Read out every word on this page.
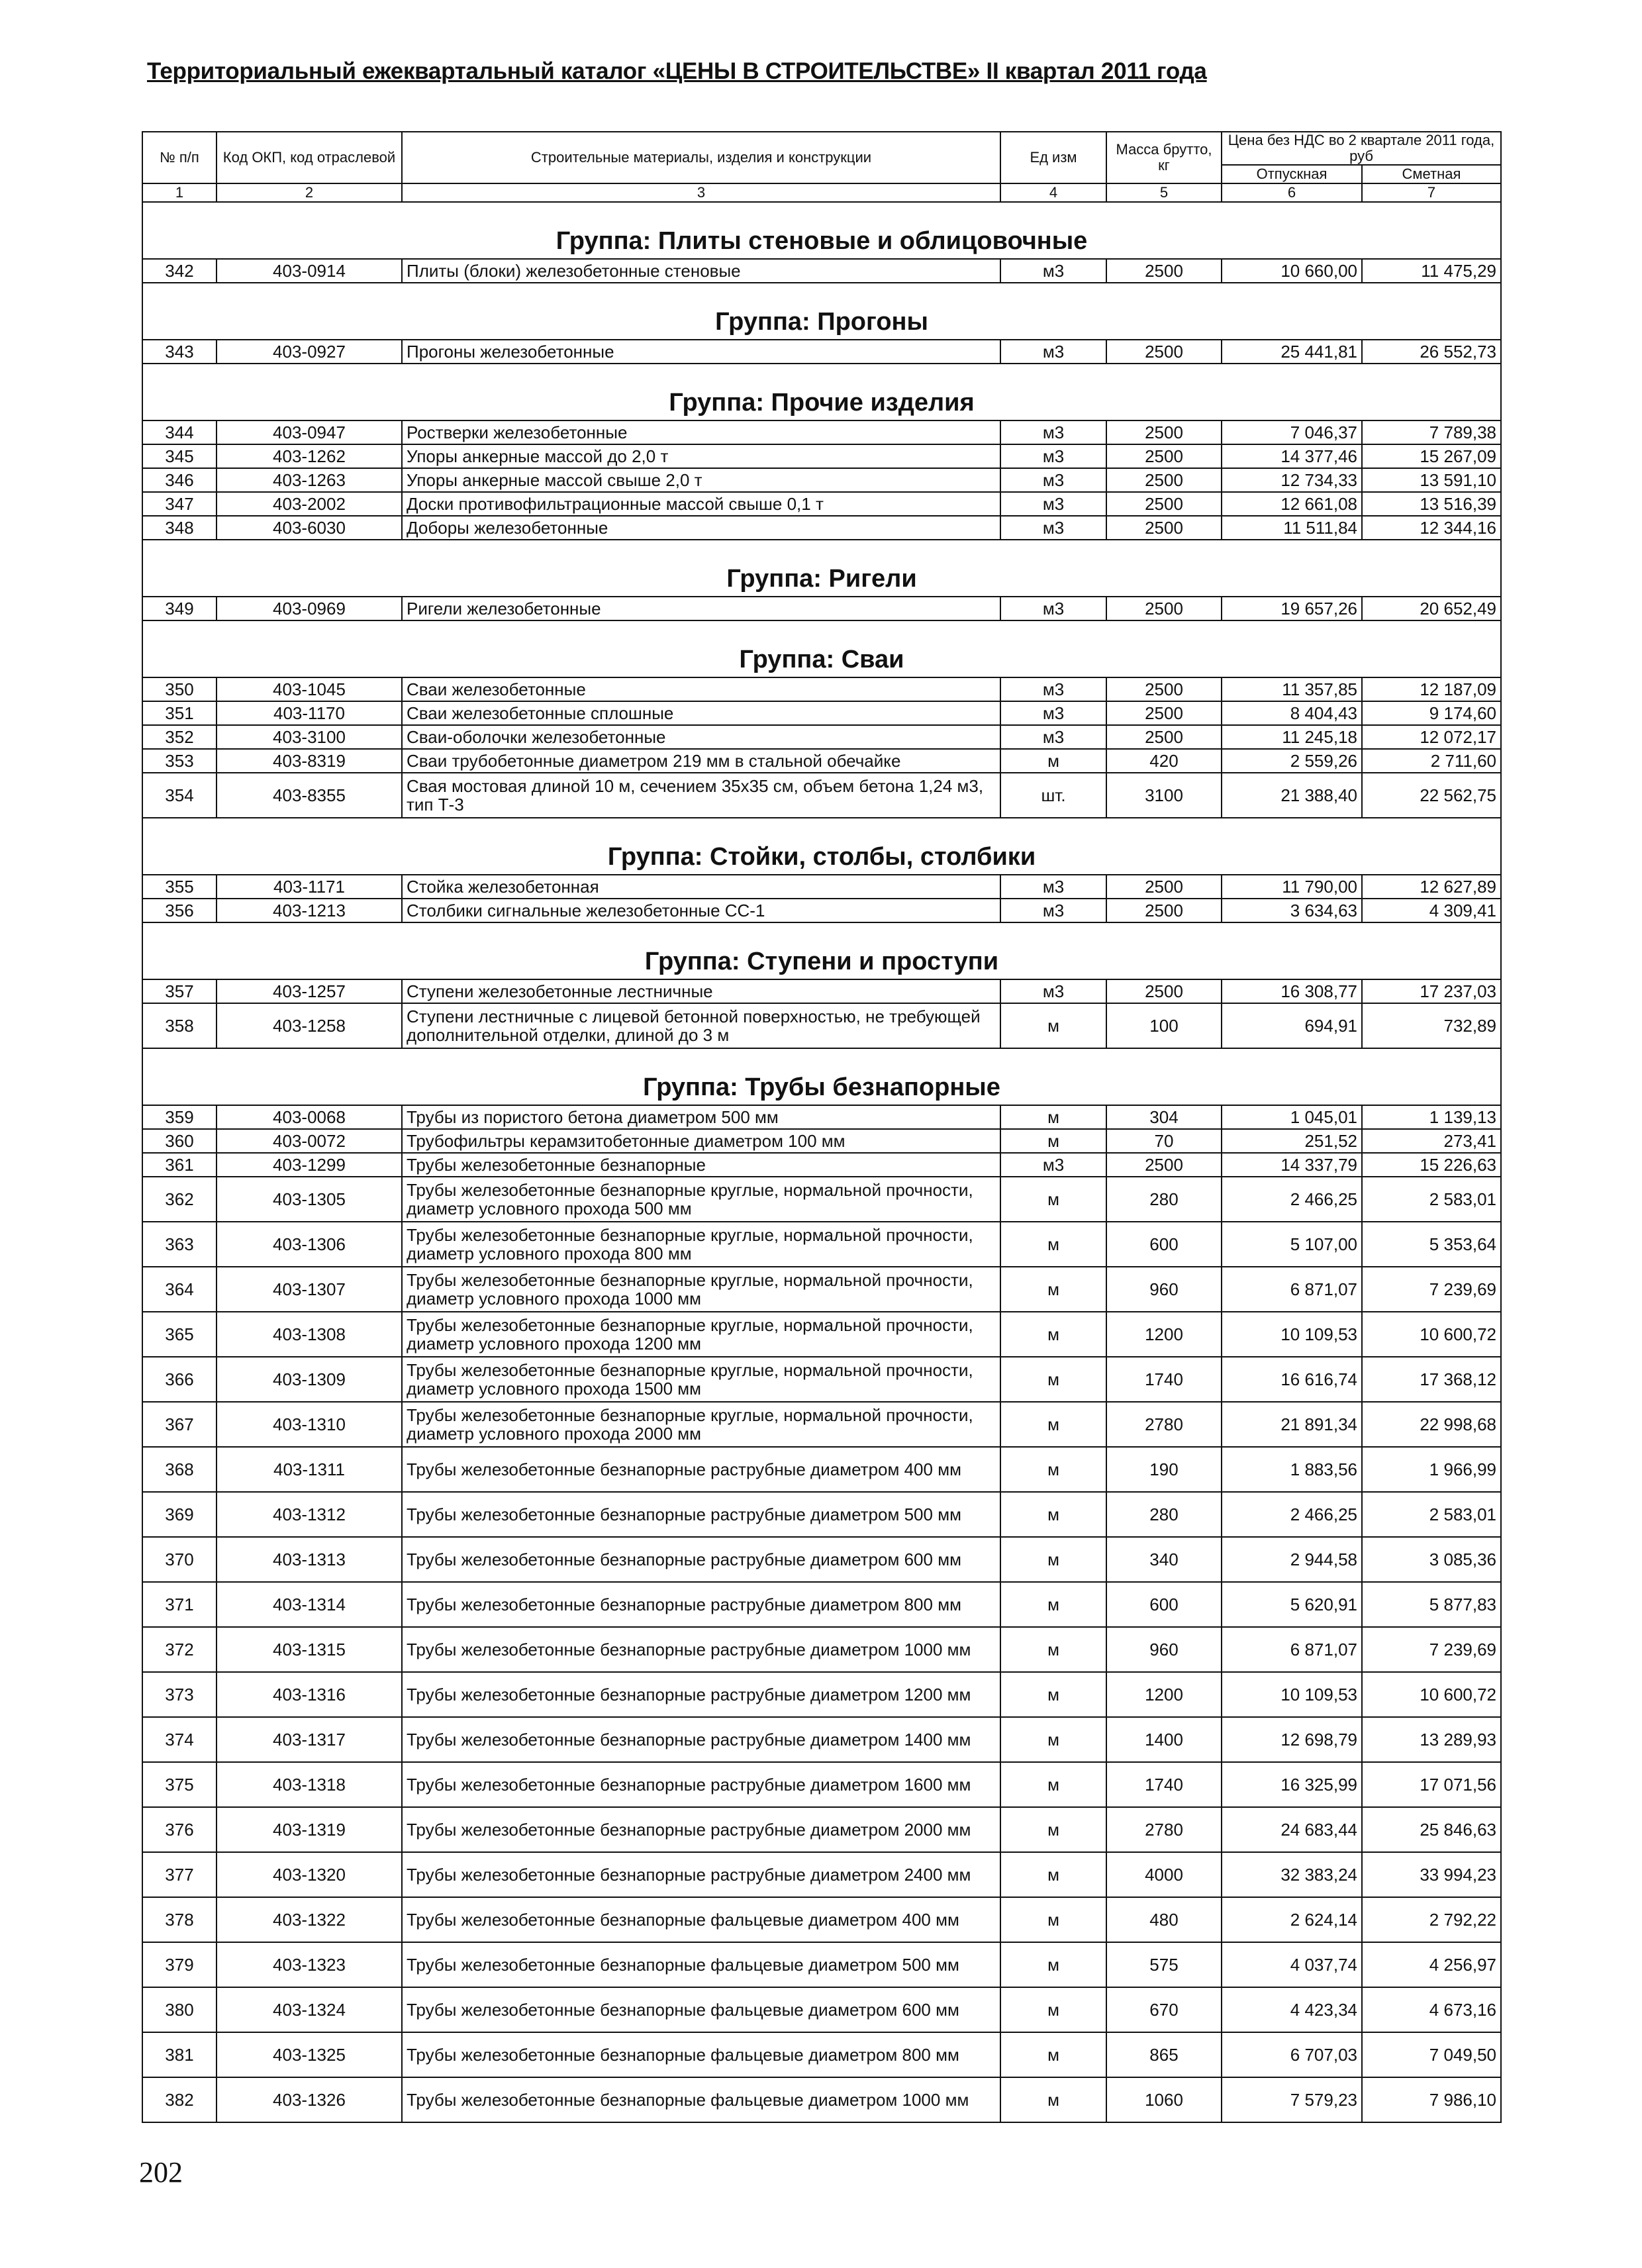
Территориальный ежеквартальный каталог «ЦЕНЫ В СТРОИТЕЛЬСТВЕ» II квартал 2011 года
№ п/п	Код ОКП, код отраслевой	Строительные материалы, изделия и конструкции	Ед изм	Масса брутто, кг	Цена без НДС во 2 квартале 2011 года, руб	
					Отпускная	Сметная
1	2	3	4	5	6	7
Группа: Плиты стеновые и облицовочные						
342	403-0914	Плиты (блоки) железобетонные стеновые	м3	2500	10 660,00	11 475,29
Группа: Прогоны						
343	403-0927	Прогоны железобетонные	м3	2500	25 441,81	26 552,73
Группа: Прочие изделия						
344	403-0947	Ростверки железобетонные	м3	2500	7 046,37	7 789,38
345	403-1262	Упоры анкерные массой до 2,0 т	м3	2500	14 377,46	15 267,09
346	403-1263	Упоры анкерные массой свыше 2,0 т	м3	2500	12 734,33	13 591,10
347	403-2002	Доски противофильтрационные массой свыше 0,1 т	м3	2500	12 661,08	13 516,39
348	403-6030	Доборы железобетонные	м3	2500	11 511,84	12 344,16
Группа: Ригели						
349	403-0969	Ригели железобетонные	м3	2500	19 657,26	20 652,49
Группа: Сваи						
350	403-1045	Сваи железобетонные	м3	2500	11 357,85	12 187,09
351	403-1170	Сваи железобетонные сплошные	м3	2500	8 404,43	9 174,60
352	403-3100	Сваи-оболочки железобетонные	м3	2500	11 245,18	12 072,17
353	403-8319	Сваи трубобетонные диаметром 219 мм в стальной обечайке	м	420	2 559,26	2 711,60
354	403-8355	Свая мостовая длиной 10 м, сечением 35х35 см, объем бетона 1,24 м3, тип Т-3	шт.	3100	21 388,40	22 562,75
Группа: Стойки, столбы, столбики						
355	403-1171	Стойка железобетонная	м3	2500	11 790,00	12 627,89
356	403-1213	Столбики сигнальные железобетонные СС-1	м3	2500	3 634,63	4 309,41
Группа: Ступени и проступи						
357	403-1257	Ступени железобетонные лестничные	м3	2500	16 308,77	17 237,03
358	403-1258	Ступени лестничные с лицевой бетонной поверхностью, не требующей дополнительной отделки, длиной до 3 м	м	100	694,91	732,89
Группа: Трубы безнапорные						
359	403-0068	Трубы из пористого бетона диаметром 500 мм	м	304	1 045,01	1 139,13
360	403-0072	Трубофильтры керамзитобетонные диаметром 100 мм	м	70	251,52	273,41
361	403-1299	Трубы железобетонные безнапорные	м3	2500	14 337,79	15 226,63
362	403-1305	Трубы железобетонные безнапорные круглые, нормальной прочности, диаметр условного прохода 500 мм	м	280	2 466,25	2 583,01
363	403-1306	Трубы железобетонные безнапорные круглые, нормальной прочности, диаметр условного прохода 800 мм	м	600	5 107,00	5 353,64
364	403-1307	Трубы железобетонные безнапорные круглые, нормальной прочности, диаметр условного прохода 1000 мм	м	960	6 871,07	7 239,69
365	403-1308	Трубы железобетонные безнапорные круглые, нормальной прочности, диаметр условного прохода 1200 мм	м	1200	10 109,53	10 600,72
366	403-1309	Трубы железобетонные безнапорные круглые, нормальной прочности, диаметр условного прохода 1500 мм	м	1740	16 616,74	17 368,12
367	403-1310	Трубы железобетонные безнапорные круглые, нормальной прочности, диаметр условного прохода 2000 мм	м	2780	21 891,34	22 998,68
368	403-1311	Трубы железобетонные безнапорные раструбные диаметром 400 мм	м	190	1 883,56	1 966,99
369	403-1312	Трубы железобетонные безнапорные раструбные диаметром 500 мм	м	280	2 466,25	2 583,01
370	403-1313	Трубы железобетонные безнапорные раструбные диаметром 600 мм	м	340	2 944,58	3 085,36
371	403-1314	Трубы железобетонные безнапорные раструбные диаметром 800 мм	м	600	5 620,91	5 877,83
372	403-1315	Трубы железобетонные безнапорные раструбные диаметром 1000 мм	м	960	6 871,07	7 239,69
373	403-1316	Трубы железобетонные безнапорные раструбные диаметром 1200 мм	м	1200	10 109,53	10 600,72
374	403-1317	Трубы железобетонные безнапорные раструбные диаметром 1400 мм	м	1400	12 698,79	13 289,93
375	403-1318	Трубы железобетонные безнапорные раструбные диаметром 1600 мм	м	1740	16 325,99	17 071,56
376	403-1319	Трубы железобетонные безнапорные раструбные диаметром 2000 мм	м	2780	24 683,44	25 846,63
377	403-1320	Трубы железобетонные безнапорные раструбные диаметром 2400 мм	м	4000	32 383,24	33 994,23
378	403-1322	Трубы железобетонные безнапорные фальцевые диаметром 400 мм	м	480	2 624,14	2 792,22
379	403-1323	Трубы железобетонные безнапорные фальцевые диаметром 500 мм	м	575	4 037,74	4 256,97
380	403-1324	Трубы железобетонные безнапорные фальцевые диаметром 600 мм	м	670	4 423,34	4 673,16
381	403-1325	Трубы железобетонные безнапорные фальцевые диаметром 800 мм	м	865	6 707,03	7 049,50
382	403-1326	Трубы железобетонные безнапорные фальцевые диаметром 1000 мм	м	1060	7 579,23	7 986,10
202
